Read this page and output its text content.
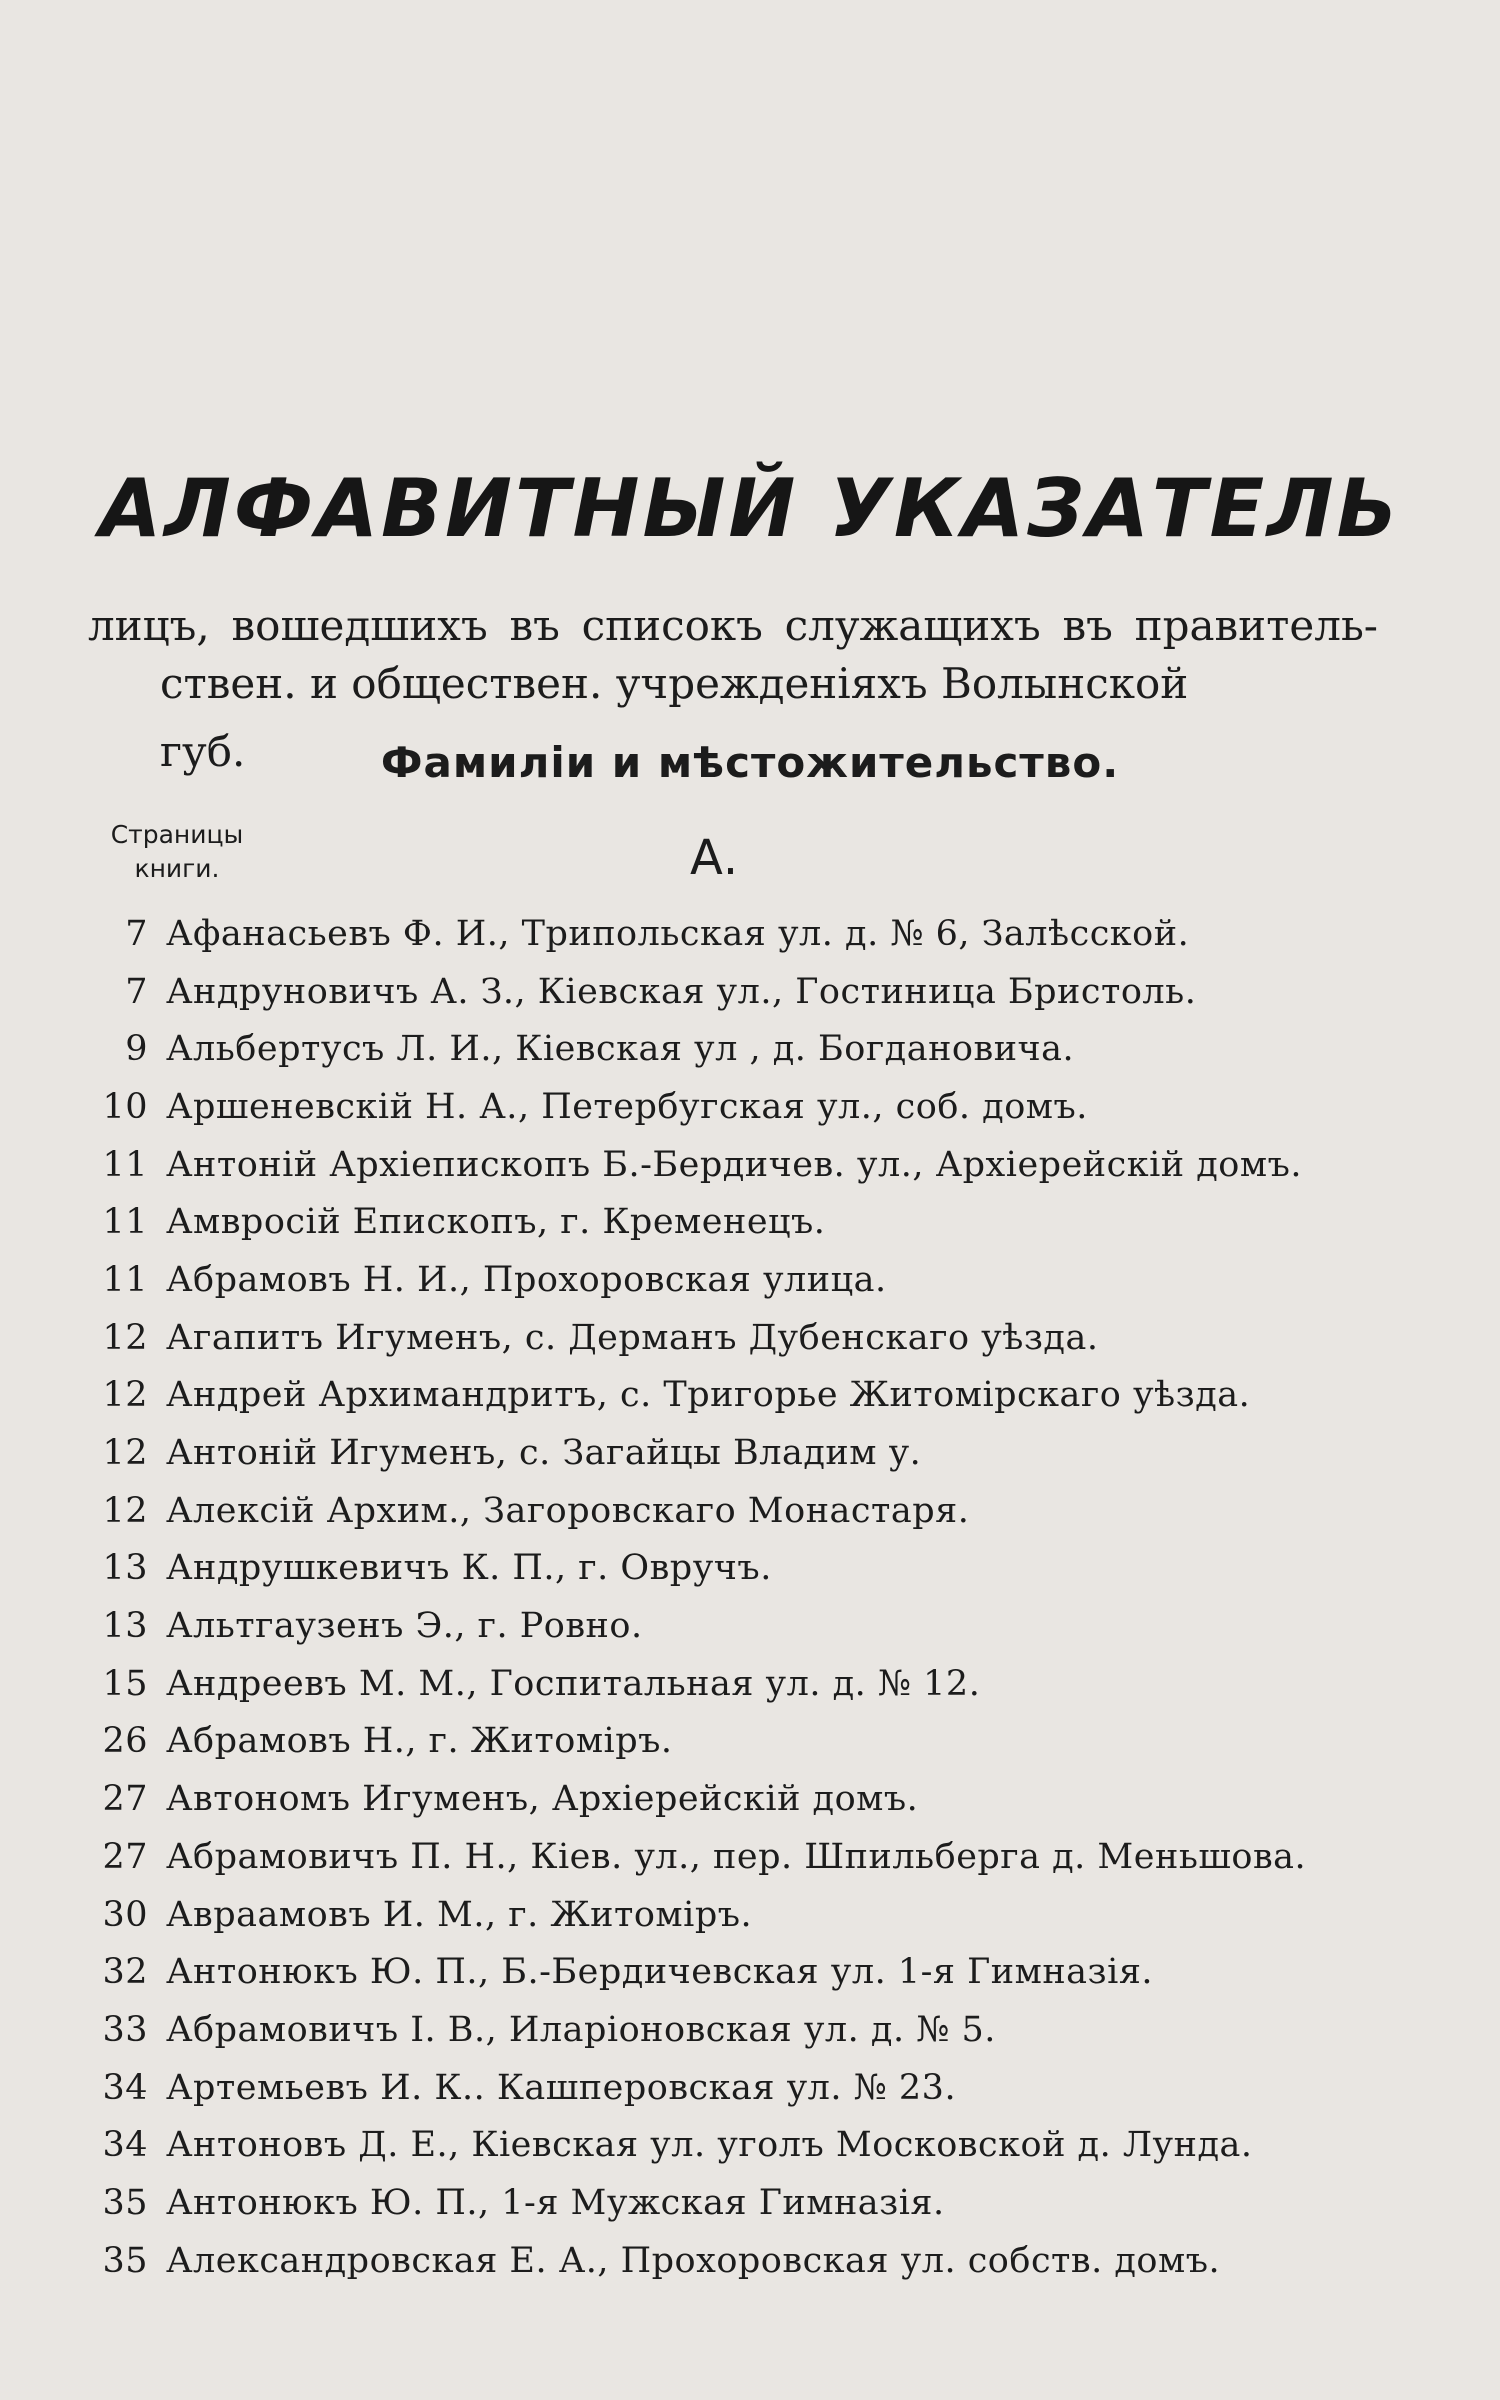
АЛФАВИТНЫЙ УКАЗАТЕЛЬ
лицъ, вошедшихъ въ списокъ служащихъ въ правитель-
ствен. и обществен. учрежденіяхъ Волынской губ.	Фамиліи и мѣстожительство.
Страницы
книги.	А.
7 Афанасьевъ Ф. И., Трипольская ул. д. № 6, Залѣсской.
7 Андруновичъ А. З., Кіевская ул., Гостиница Бристоль.
9 Альбертусъ Л. И., Кіевская ул , д. Богдановича.
10 Аршеневскій Н. А., Петербугская ул., соб. домъ.
11 Антоній Архіепископъ Б.-Бердичев. ул., Архіерейскій домъ.
11 Амвросій Епископъ, г. Кременецъ.
11 Абрамовъ Н. И., Прохоровская улица.
12 Агапитъ Игуменъ, с. Дерманъ Дубенскаго уѣзда.
12 Андрей Архимандритъ, с. Тригорье Житомірскаго уѣзда.
12 Антоній Игуменъ, с. Загайцы Владим у.
12 Алексій Архим., Загоровскаго Монастаря.
13 Андрушкевичъ К. П., г. Овручъ.
13 Альтгаузенъ Э., г. Ровно.
15 Андреевъ М. М., Госпитальная ул. д. № 12.
26 Абрамовъ Н., г. Житоміръ.
27 Автономъ Игуменъ, Архіерейскій домъ.
27 Абрамовичъ П. Н., Кіев. ул., пер. Шпильберга д. Меньшова.
30 Авраамовъ И. М., г. Житоміръ.
32 Антонюкъ Ю. П., Б.-Бердичевская ул. 1-я Гимназія.
33 Абрамовичъ І. В., Иларіоновская ул. д. № 5.
34 Артемьевъ И. К.. Кашперовская ул. № 23.
34 Антоновъ Д. Е., Кіевская ул. уголъ Московской д. Лунда.
35 Антонюкъ Ю. П., 1-я Мужская Гимназія.
35 Александровская Е. А., Прохоровская ул. собств. домъ.
